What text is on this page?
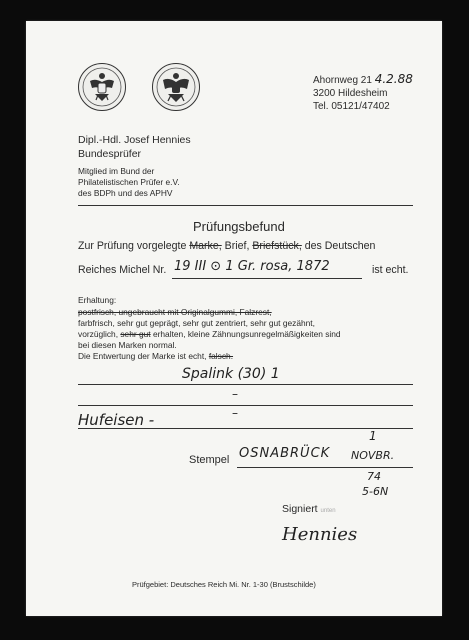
Ahornweg 21 4.2.88
3200 Hildesheim
Tel. 05121/47402
Dipl.-Hdl. Josef Hennies
Bundesprüfer
Mitglied im Bund der
Philatelistischen Prüfer e.V.
des BDPh und des APHV
Prüfungsbefund
Zur Prüfung vorgelegte Marke, Brief, Briefstück, des Deutschen
Reiches Michel Nr. 19 III ⊙ 1 Gr. rosa, 1872	ist echt.
Erhaltung:
postfrisch, ungebraucht mit Originalgummi, Falzrest,
farbfrisch, sehr gut geprägt, sehr gut zentriert, sehr gut gezähnt,
vorzüglich, sehr gut erhalten, kleine Zähnungsunregelmäßigkeiten sind
bei diesen Marken normal.
Die Entwertung der Marke ist echt, falsch.
Spalink (30) 1
–
–
Hufeisen -
1
Stempel OSNABRÜCK NOVBR.
74
5-6N
Signiert unten
Hennies
Prüfgebiet: Deutsches Reich Mi. Nr. 1-30 (Brustschilde)
